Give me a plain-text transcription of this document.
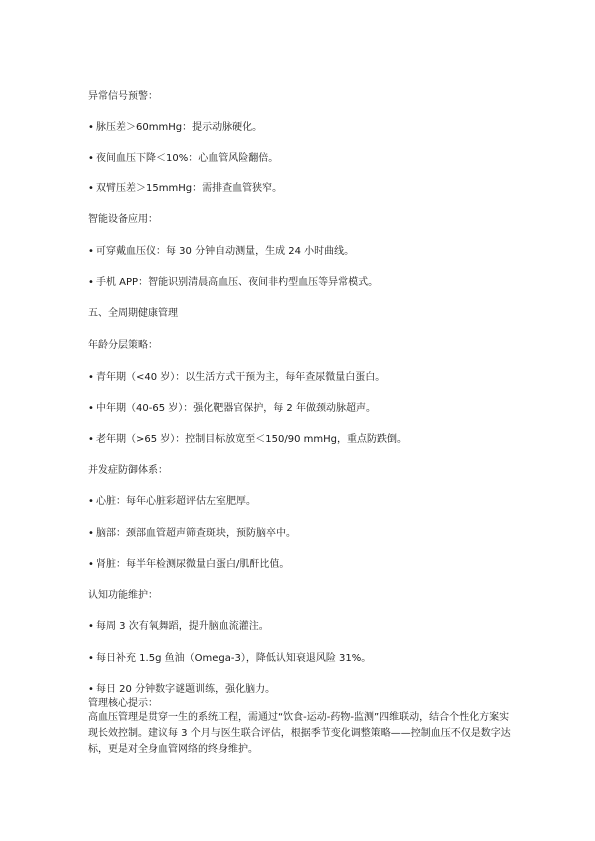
异常信号预警：
• 脉压差＞60mmHg：提示动脉硬化。
• 夜间血压下降＜10%：心血管风险翻倍。
• 双臂压差＞15mmHg：需排查血管狭窄。
智能设备应用：
• 可穿戴血压仪：每 30 分钟自动测量，生成 24 小时曲线。
• 手机 APP：智能识别清晨高血压、夜间非杓型血压等异常模式。
五、全周期健康管理
年龄分层策略：
• 青年期（<40 岁）：以生活方式干预为主，每年查尿微量白蛋白。
• 中年期（40-65 岁）：强化靶器官保护，每 2 年做颈动脉超声。
• 老年期（>65 岁）：控制目标放宽至＜150/90 mmHg，重点防跌倒。
并发症防御体系：
• 心脏：每年心脏彩超评估左室肥厚。
• 脑部：颈部血管超声筛查斑块，预防脑卒中。
• 肾脏：每半年检测尿微量白蛋白/肌酐比值。
认知功能维护：
• 每周 3 次有氧舞蹈，提升脑血流灌注。
• 每日补充 1.5g 鱼油（Omega-3），降低认知衰退风险 31%。
• 每日 20 分钟数字谜题训练，强化脑力。
管理核心提示：
高血压管理是贯穿一生的系统工程，需通过“饮食-运动-药物-监测”四维联动，结合个性化方案实现长效控制。建议每 3 个月与医生联合评估，根据季节变化调整策略——控制血压不仅是数字达标，更是对全身血管网络的终身维护。
